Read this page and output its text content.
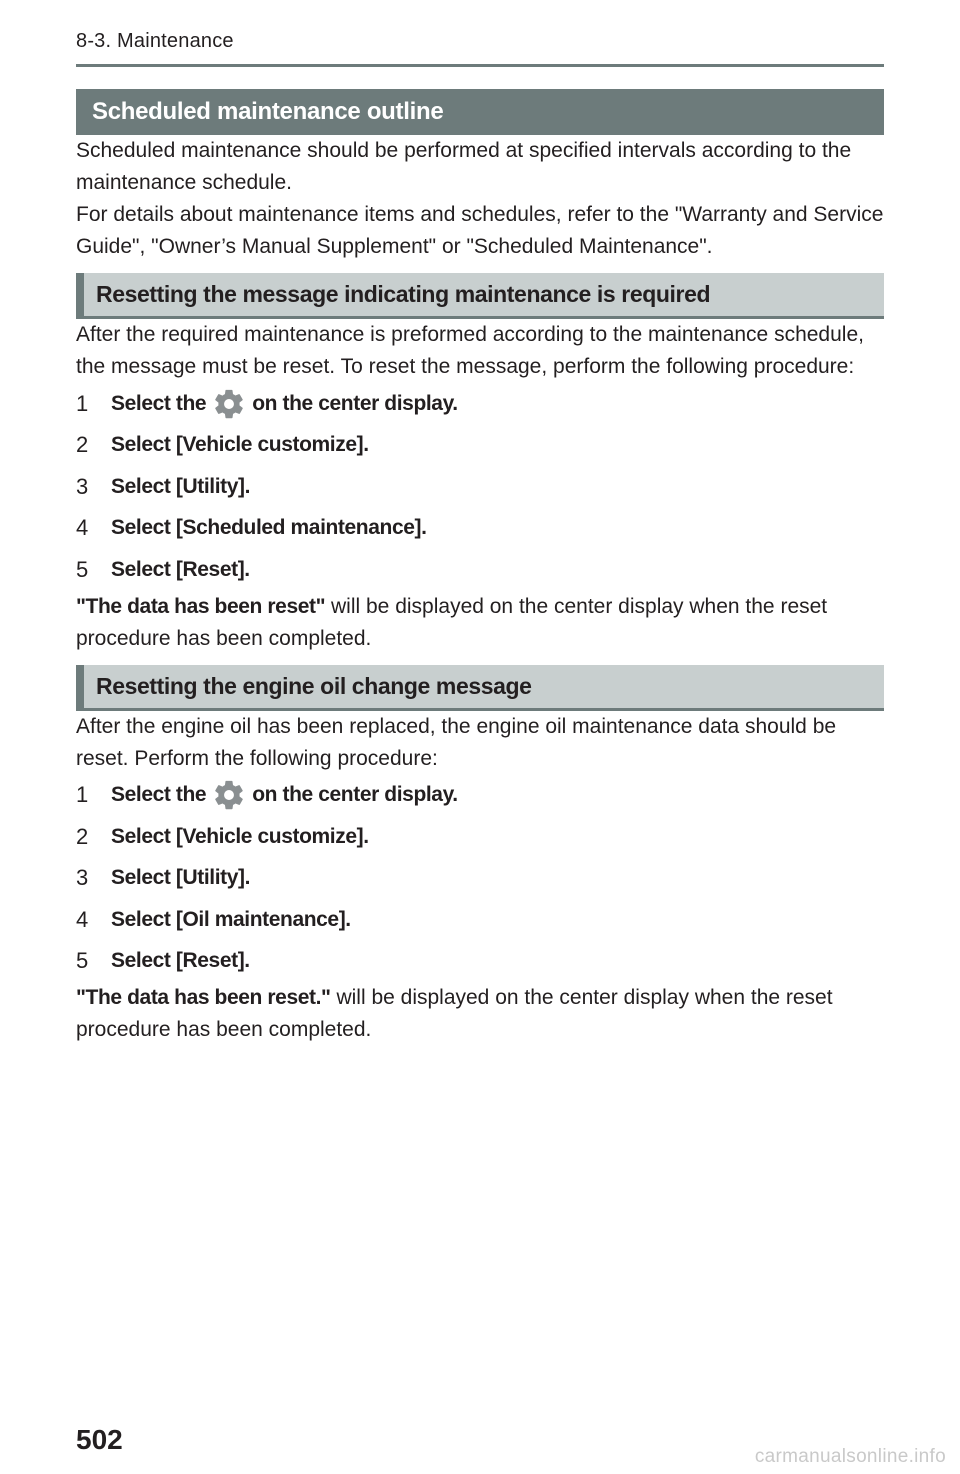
8-3. Maintenance
Scheduled maintenance outline

Scheduled maintenance should be performed at specified intervals according to the maintenance schedule.

For details about maintenance items and schedules, refer to the "Warranty and Service Guide", "Owner’s Manual Supplement" or "Scheduled Maintenance".

Resetting the message indicating maintenance is required

After the required maintenance is preformed according to the maintenance schedule, the message must be reset. To reset the message, perform the following procedure:

1	Select the on the center display.
2	Select [Vehicle customize].
3	Select [Utility].
4	Select [Scheduled maintenance].
5	Select [Reset].

"The data has been reset" will be displayed on the center display when the reset procedure has been completed.

Resetting the engine oil change message

After the engine oil has been replaced, the engine oil maintenance data should be reset. Perform the following procedure:

1	Select the on the center display.
2	Select [Vehicle customize].
3	Select [Utility].
4	Select [Oil maintenance].
5	Select [Reset].

"The data has been reset." will be displayed on the center display when the reset procedure has been completed.

502
carmanualsonline.info
